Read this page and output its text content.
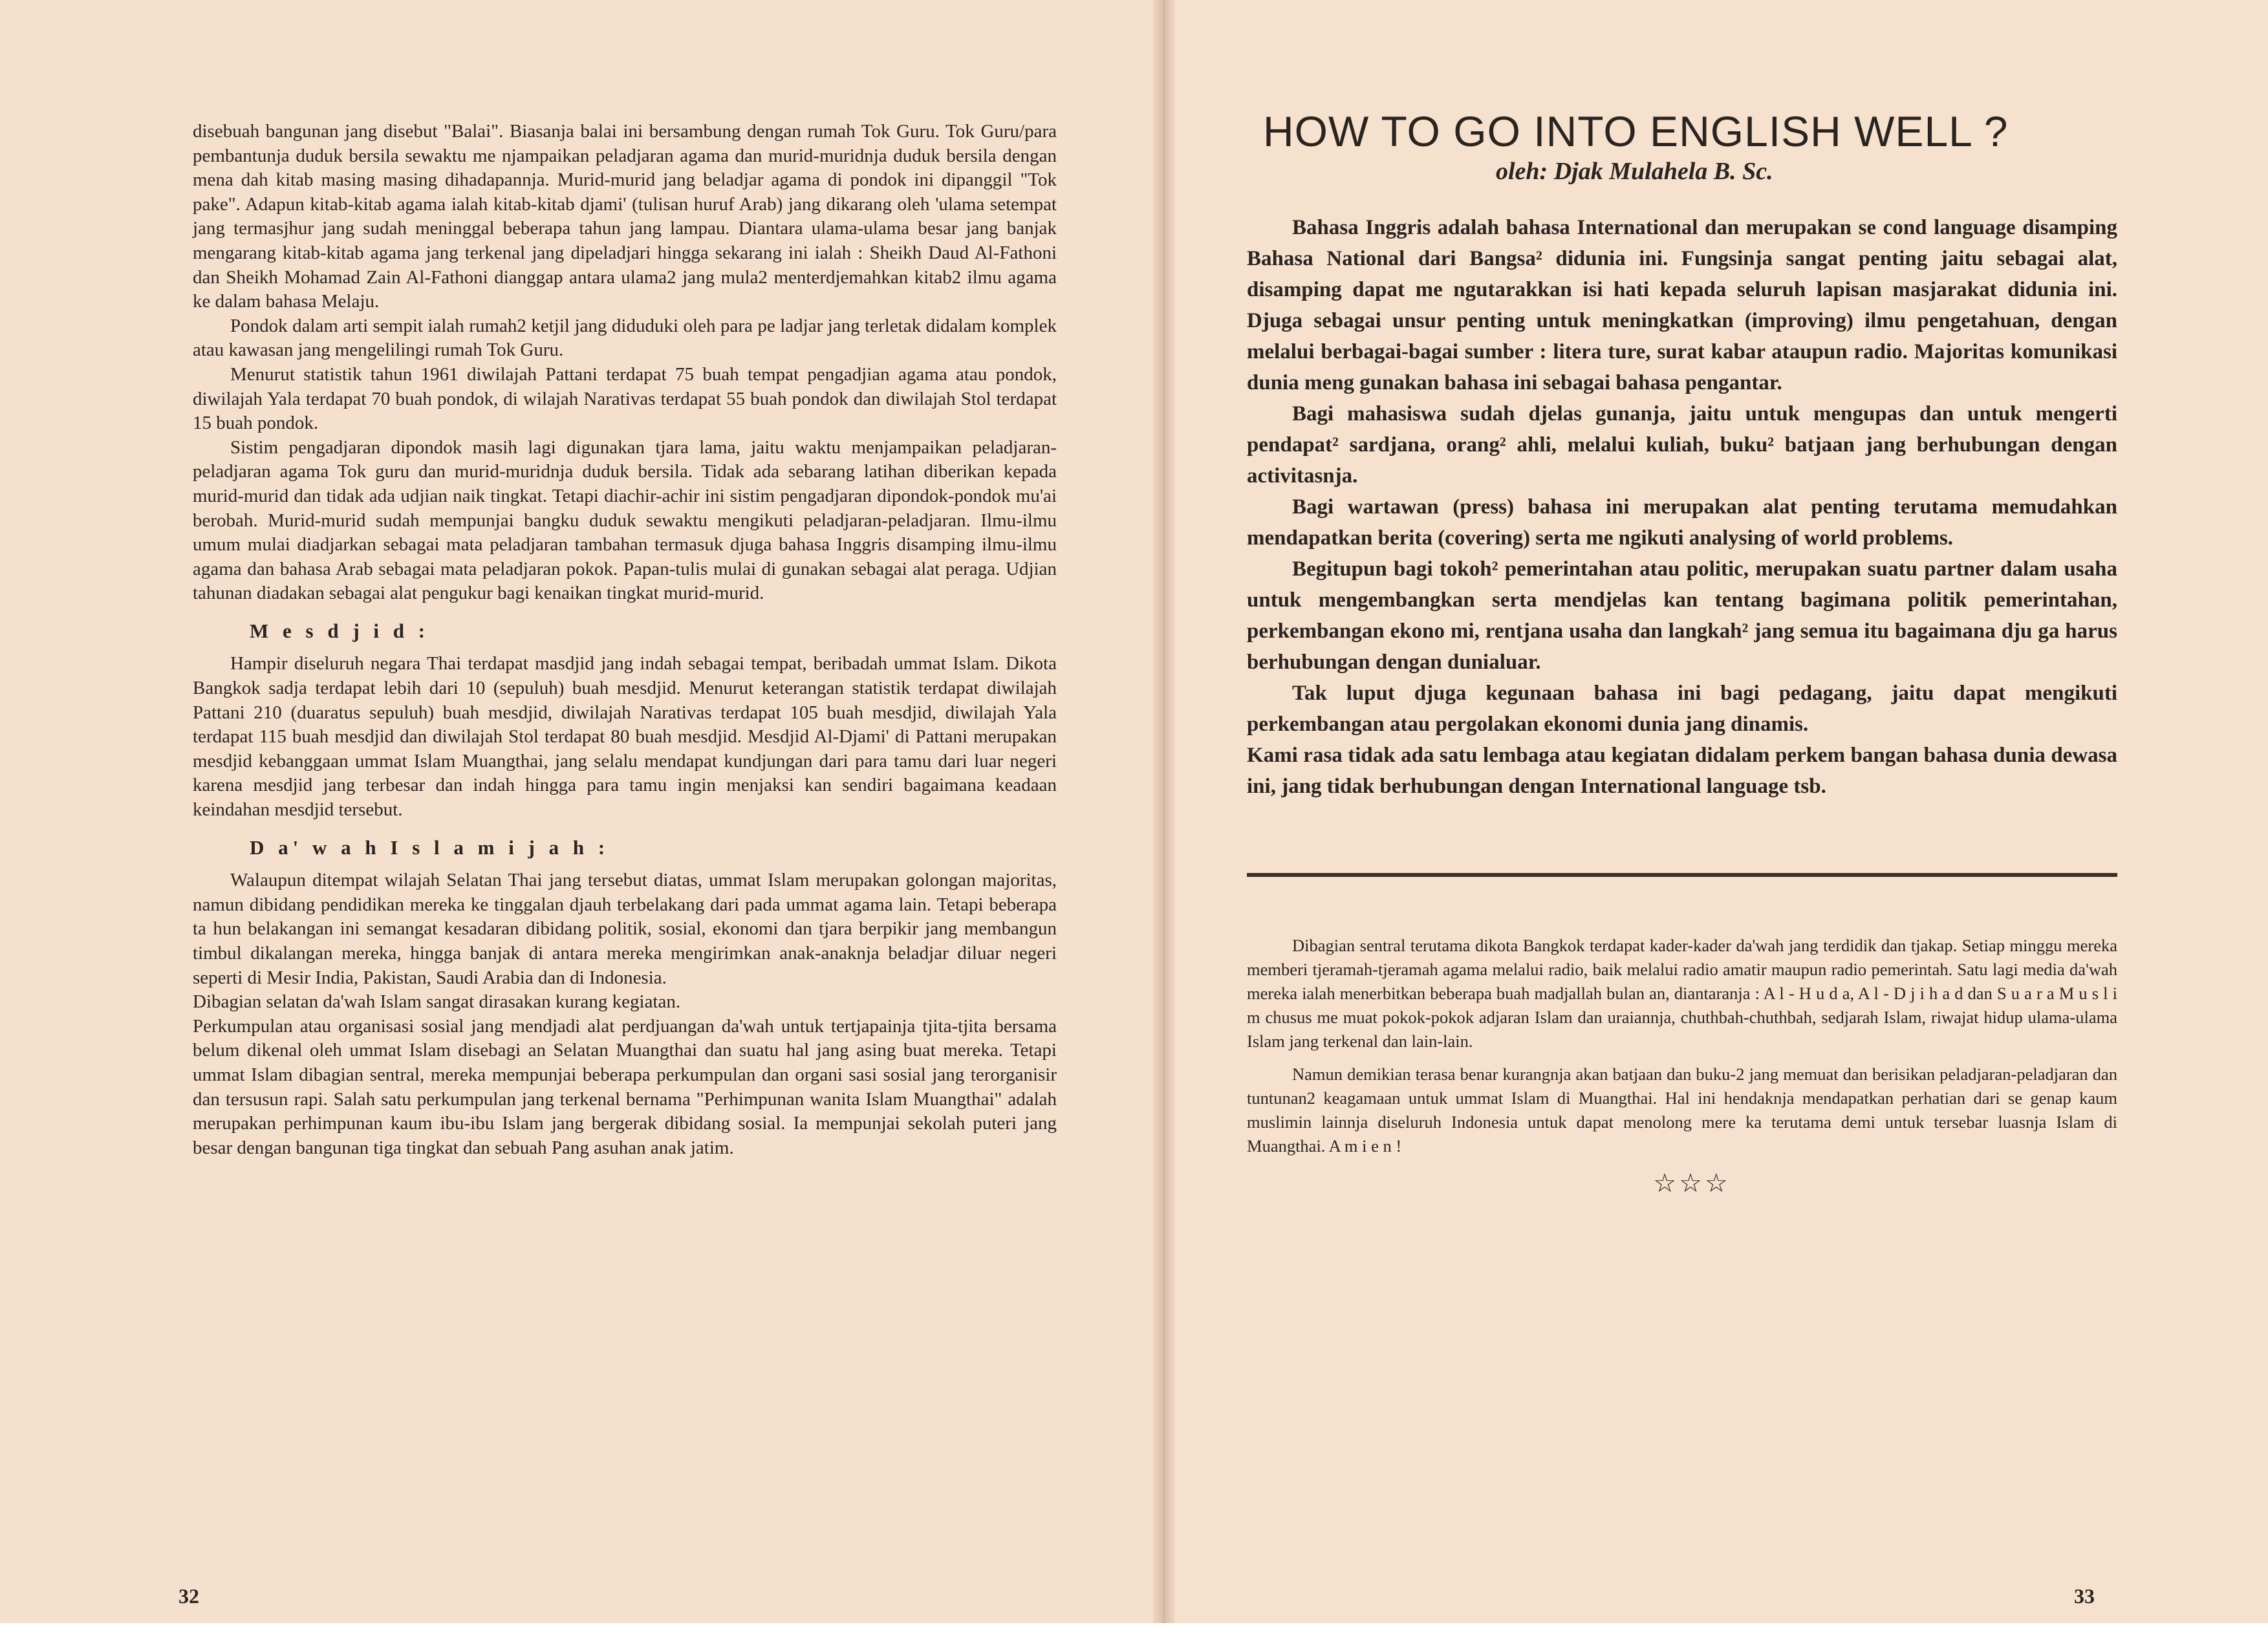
disebuah bangunan jang disebut "Balai". Biasanja balai ini bersambung dengan rumah Tok Guru. Tok Guru/para pembantunja duduk bersila sewaktu me njampaikan peladjaran agama dan murid-muridnja duduk bersila dengan mena dah kitab masing masing dihadapannja. Murid-murid jang beladjar agama di pondok ini dipanggil "Tok pake". Adapun kitab-kitab agama ialah kitab-kitab djami' (tulisan huruf Arab) jang dikarang oleh 'ulama setempat jang termasjhur jang sudah meninggal beberapa tahun jang lampau. Diantara ulama-ulama besar jang banjak mengarang kitab-kitab agama jang terkenal jang dipeladjari hingga sekarang ini ialah : Sheikh Daud Al-Fathoni dan Sheikh Mohamad Zain Al-Fathoni dianggap antara ulama2 jang mula2 menterdjemahkan kitab2 ilmu agama ke dalam bahasa Melaju.

Pondok dalam arti sempit ialah rumah2 ketjil jang diduduki oleh para pe ladjar jang terletak didalam komplek atau kawasan jang mengelilingi rumah Tok Guru.

Menurut statistik tahun 1961 diwilajah Pattani terdapat 75 buah tempat pengadjian agama atau pondok, diwilajah Yala terdapat 70 buah pondok, di wilajah Narativas terdapat 55 buah pondok dan diwilajah Stol terdapat 15 buah pondok.

Sistim pengadjaran dipondok masih lagi digunakan tjara lama, jaitu waktu menjampaikan peladjaran-peladjaran agama Tok guru dan murid-muridnja duduk bersila. Tidak ada sebarang latihan diberikan kepada murid-murid dan tidak ada udjian naik tingkat. Tetapi diachir-achir ini sistim pengadjaran dipondok-pondok mu'ai berobah. Murid-murid sudah mempunjai bangku duduk sewaktu mengikuti peladjaran-peladjaran. Ilmu-ilmu umum mulai diadjarkan sebagai mata peladjaran tambahan termasuk djuga bahasa Inggris disamping ilmu-ilmu agama dan bahasa Arab sebagai mata peladjaran pokok. Papan-tulis mulai di gunakan sebagai alat peraga. Udjian tahunan diadakan sebagai alat pengukur bagi kenaikan tingkat murid-murid.

M e s d j i d :

Hampir diseluruh negara Thai terdapat masdjid jang indah sebagai tempat, beribadah ummat Islam. Dikota Bangkok sadja terdapat lebih dari 10 (sepuluh) buah mesdjid. Menurut keterangan statistik terdapat diwilajah Pattani 210 (duaratus sepuluh) buah mesdjid, diwilajah Narativas terdapat 105 buah mesdjid, diwilajah Yala terdapat 115 buah mesdjid dan diwilajah Stol terdapat 80 buah mesdjid. Mesdjid Al-Djami' di Pattani merupakan mesdjid kebanggaan ummat Islam Muangthai, jang selalu mendapat kundjungan dari para tamu dari luar negeri karena mesdjid jang terbesar dan indah hingga para tamu ingin menjaksi kan sendiri bagaimana keadaan keindahan mesdjid tersebut.

D a' w a h I s l a m i j a h :

Walaupun ditempat wilajah Selatan Thai jang tersebut diatas, ummat Islam merupakan golongan majoritas, namun dibidang pendidikan mereka ke tinggalan djauh terbelakang dari pada ummat agama lain. Tetapi beberapa ta hun belakangan ini semangat kesadaran dibidang politik, sosial, ekonomi dan tjara berpikir jang membangun timbul dikalangan mereka, hingga banjak di antara mereka mengirimkan anak-anaknja beladjar diluar negeri seperti di Mesir India, Pakistan, Saudi Arabia dan di Indonesia.

Dibagian selatan da'wah Islam sangat dirasakan kurang kegiatan.

Perkumpulan atau organisasi sosial jang mendjadi alat perdjuangan da'wah untuk tertjapainja tjita-tjita bersama belum dikenal oleh ummat Islam disebagi an Selatan Muangthai dan suatu hal jang asing buat mereka. Tetapi ummat Islam dibagian sentral, mereka mempunjai beberapa perkumpulan dan organi sasi sosial jang terorganisir dan tersusun rapi. Salah satu perkumpulan jang terkenal bernama "Perhimpunan wanita Islam Muangthai" adalah merupakan perhimpunan kaum ibu-ibu Islam jang bergerak dibidang sosial. Ia mempunjai sekolah puteri jang besar dengan bangunan tiga tingkat dan sebuah Pang asuhan anak jatim.

32	33
HOW TO GO INTO ENGLISH WELL ?
oleh: Djak Mulahela B. Sc.

Bahasa Inggris adalah bahasa International dan merupakan se cond language disamping Bahasa National dari Bangsa² didunia ini. Fungsinja sangat penting jaitu sebagai alat, disamping dapat me ngutarakkan isi hati kepada seluruh lapisan masjarakat didunia ini. Djuga sebagai unsur penting untuk meningkatkan (improving) ilmu pengetahuan, dengan melalui berbagai-bagai sumber : litera ture, surat kabar ataupun radio. Majoritas komunikasi dunia meng gunakan bahasa ini sebagai bahasa pengantar.

Bagi mahasiswa sudah djelas gunanja, jaitu untuk mengupas dan untuk mengerti pendapat² sardjana, orang² ahli, melalui kuliah, buku² batjaan jang berhubungan dengan activitasnja.

Bagi wartawan (press) bahasa ini merupakan alat penting terutama memudahkan mendapatkan berita (covering) serta me ngikuti analysing of world problems.

Begitupun bagi tokoh² pemerintahan atau politic, merupakan suatu partner dalam usaha untuk mengembangkan serta mendjelas kan tentang bagimana politik pemerintahan, perkembangan ekono mi, rentjana usaha dan langkah² jang semua itu bagaimana dju ga harus berhubungan dengan dunialuar.

Tak luput djuga kegunaan bahasa ini bagi pedagang, jaitu dapat mengikuti perkembangan atau pergolakan ekonomi dunia jang dinamis.

Kami rasa tidak ada satu lembaga atau kegiatan didalam perkem bangan bahasa dunia dewasa ini, jang tidak berhubungan dengan International language tsb.

Dibagian sentral terutama dikota Bangkok terdapat kader-kader da'wah jang terdidik dan tjakap. Setiap minggu mereka memberi tjeramah-tjeramah agama melalui radio, baik melalui radio amatir maupun radio pemerintah. Satu lagi media da'wah mereka ialah menerbitkan beberapa buah madjallah bulan an, diantaranja : A l - H u d a, A l - D j i h a d dan S u a r a M u s l i m chusus me muat pokok-pokok adjaran Islam dan uraiannja, chuthbah-chuthbah, sedjarah Islam, riwajat hidup ulama-ulama Islam jang terkenal dan lain-lain.

Namun demikian terasa benar kurangnja akan batjaan dan buku-2 jang memuat dan berisikan peladjaran-peladjaran dan tuntunan2 keagamaan untuk ummat Islam di Muangthai. Hal ini hendaknja mendapatkan perhatian dari se genap kaum muslimin lainnja diseluruh Indonesia untuk dapat menolong mere ka terutama demi untuk tersebar luasnja Islam di Muangthai. A m i e n !

☆☆☆
